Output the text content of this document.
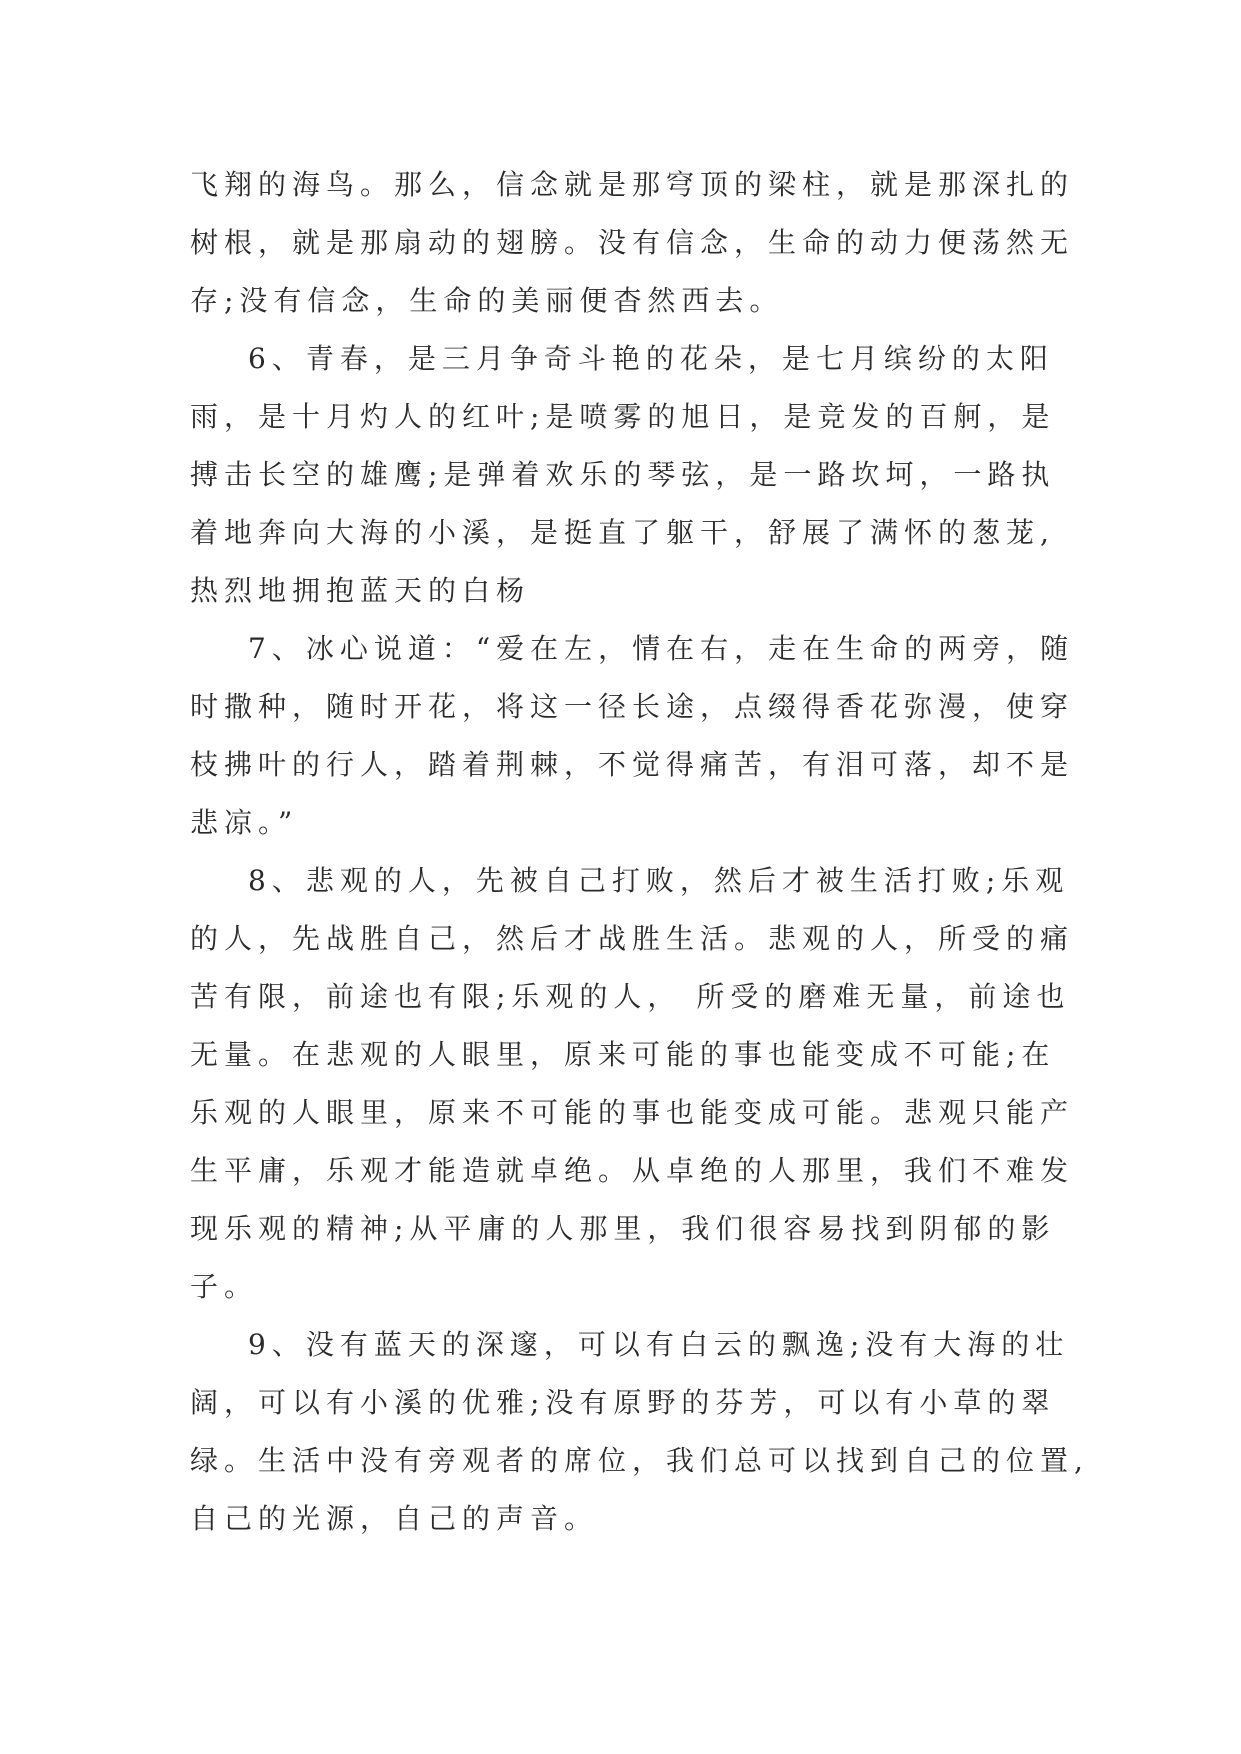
飞翔的海鸟。那么，信念就是那穹顶的梁柱，就是那深扎的
树根，就是那扇动的翅膀。没有信念，生命的动力便荡然无
存;没有信念，生命的美丽便杳然西去。
6、青春，是三月争奇斗艳的花朵，是七月缤纷的太阳
雨，是十月灼人的红叶;是喷雾的旭日，是竞发的百舸，是
搏击长空的雄鹰;是弹着欢乐的琴弦，是一路坎坷，一路执
着地奔向大海的小溪，是挺直了躯干，舒展了满怀的葱茏,
热烈地拥抱蓝天的白杨
7、冰心说道：“爱在左，情在右，走在生命的两旁，随
时撒种，随时开花，将这一径长途，点缀得香花弥漫，使穿
枝拂叶的行人，踏着荆棘，不觉得痛苦，有泪可落，却不是
悲凉。”
8、悲观的人，先被自己打败，然后才被生活打败;乐观
的人，先战胜自己，然后才战胜生活。悲观的人，所受的痛
苦有限，前途也有限;乐观的人， 所受的磨难无量，前途也
无量。在悲观的人眼里，原来可能的事也能变成不可能;在
乐观的人眼里，原来不可能的事也能变成可能。悲观只能产
生平庸，乐观才能造就卓绝。从卓绝的人那里，我们不难发
现乐观的精神;从平庸的人那里，我们很容易找到阴郁的影
子。
9、没有蓝天的深邃，可以有白云的飘逸;没有大海的壮
阔，可以有小溪的优雅;没有原野的芬芳，可以有小草的翠
绿。生活中没有旁观者的席位，我们总可以找到自己的位置,
自己的光源，自己的声音。
